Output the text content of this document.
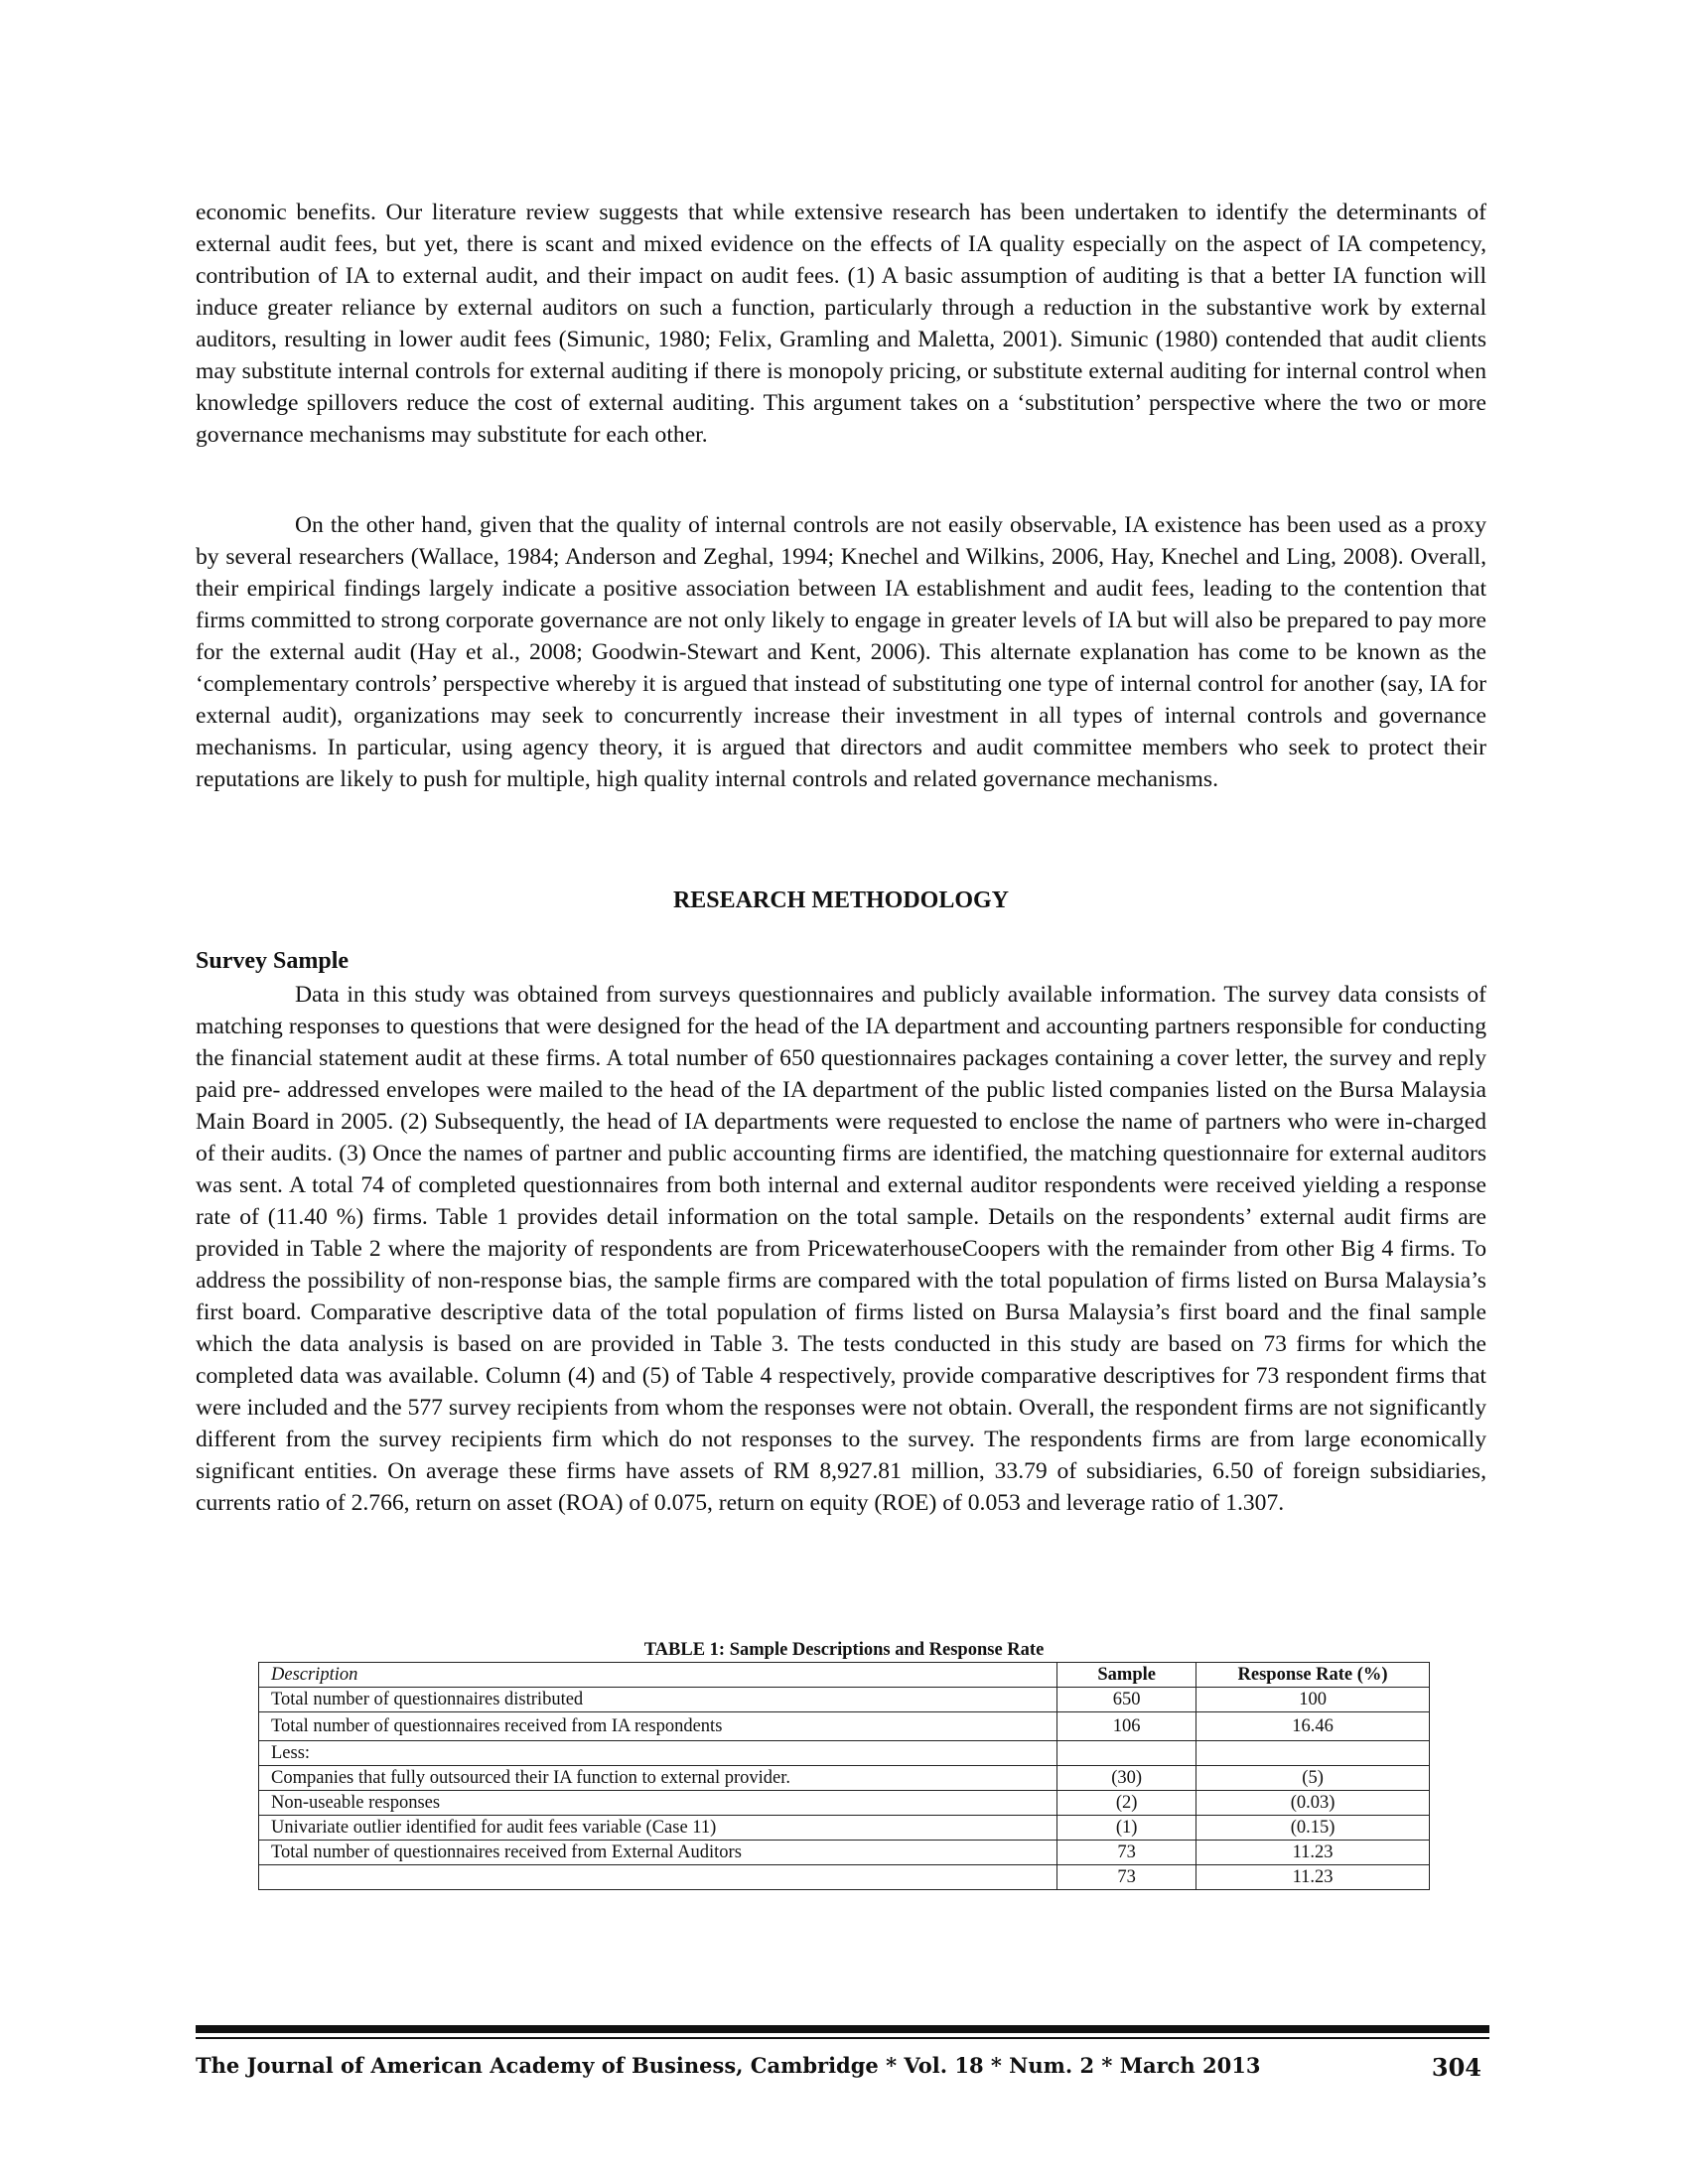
economic benefits. Our literature review suggests that while extensive research has been undertaken to identify the determinants of external audit fees, but yet, there is scant and mixed evidence on the effects of IA quality especially on the aspect of IA competency, contribution of IA to external audit, and their impact on audit fees. (1) A basic assumption of auditing is that a better IA function will induce greater reliance by external auditors on such a function, particularly through a reduction in the substantive work by external auditors, resulting in lower audit fees (Simunic, 1980; Felix, Gramling and Maletta, 2001). Simunic (1980) contended that audit clients may substitute internal controls for external auditing if there is monopoly pricing, or substitute external auditing for internal control when knowledge spillovers reduce the cost of external auditing. This argument takes on a ‘substitution’ perspective where the two or more governance mechanisms may substitute for each other.

On the other hand, given that the quality of internal controls are not easily observable, IA existence has been used as a proxy by several researchers (Wallace, 1984; Anderson and Zeghal, 1994; Knechel and Wilkins, 2006, Hay, Knechel and Ling, 2008). Overall, their empirical findings largely indicate a positive association between IA establishment and audit fees, leading to the contention that firms committed to strong corporate governance are not only likely to engage in greater levels of IA but will also be prepared to pay more for the external audit (Hay et al., 2008; Goodwin-Stewart and Kent, 2006). This alternate explanation has come to be known as the ‘complementary controls’ perspective whereby it is argued that instead of substituting one type of internal control for another (say, IA for external audit), organizations may seek to concurrently increase their investment in all types of internal controls and governance mechanisms. In particular, using agency theory, it is argued that directors and audit committee members who seek to protect their reputations are likely to push for multiple, high quality internal controls and related governance mechanisms.

RESEARCH METHODOLOGY
Survey Sample

Data in this study was obtained from surveys questionnaires and publicly available information. The survey data consists of matching responses to questions that were designed for the head of the IA department and accounting partners responsible for conducting the financial statement audit at these firms. A total number of 650 questionnaires packages containing a cover letter, the survey and reply paid pre- addressed envelopes were mailed to the head of the IA department of the public listed companies listed on the Bursa Malaysia Main Board in 2005. (2) Subsequently, the head of IA departments were requested to enclose the name of partners who were in-charged of their audits. (3) Once the names of partner and public accounting firms are identified, the matching questionnaire for external auditors was sent. A total 74 of completed questionnaires from both internal and external auditor respondents were received yielding a response rate of (11.40 %) firms. Table 1 provides detail information on the total sample. Details on the respondents’ external audit firms are provided in Table 2 where the majority of respondents are from PricewaterhouseCoopers with the remainder from other Big 4 firms. To address the possibility of non-response bias, the sample firms are compared with the total population of firms listed on Bursa Malaysia’s first board. Comparative descriptive data of the total population of firms listed on Bursa Malaysia’s first board and the final sample which the data analysis is based on are provided in Table 3. The tests conducted in this study are based on 73 firms for which the completed data was available. Column (4) and (5) of Table 4 respectively, provide comparative descriptives for 73 respondent firms that were included and the 577 survey recipients from whom the responses were not obtain. Overall, the respondent firms are not significantly different from the survey recipients firm which do not responses to the survey. The respondents firms are from large economically significant entities. On average these firms have assets of RM 8,927.81 million, 33.79 of subsidiaries, 6.50 of foreign subsidiaries, currents ratio of 2.766, return on asset (ROA) of 0.075, return on equity (ROE) of 0.053 and leverage ratio of 1.307.

TABLE 1: Sample Descriptions and Response Rate
Description	Sample	Response Rate (%)
Total number of questionnaires distributed	650	100
Total number of questionnaires received from IA respondents	106	16.46
Less:		
Companies that fully outsourced their IA function to external provider.	(30)	(5)
Non-useable responses	(2)	(0.03)
Univariate outlier identified for audit fees variable (Case 11)	(1)	(0.15)
Total number of questionnaires received from External Auditors	73	11.23
	73	11.23
The Journal of American Academy of Business, Cambridge * Vol. 18 * Num. 2 * March 2013	304
